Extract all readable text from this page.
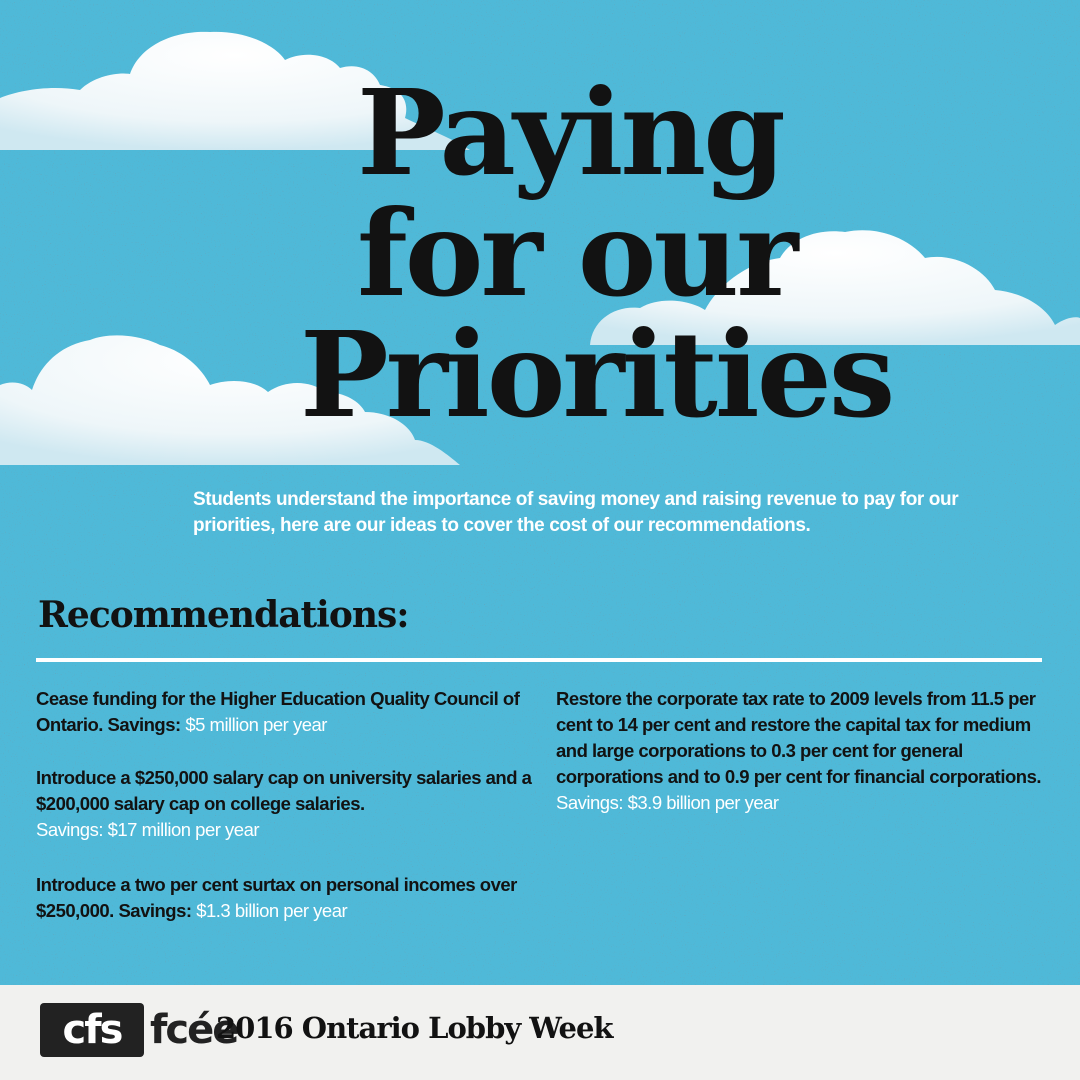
Paying
for our
Priorities

Students understand the importance of saving money and raising revenue to pay for our priorities, here are our ideas to cover the cost of our recommendations.

Recommendations:

Cease funding for the Higher Education Quality Council of Ontario. Savings: $5 million per year

Introduce a $250,000 salary cap on university salaries and a $200,000 salary cap on college salaries.
Savings: $17 million per year

Introduce a two per cent surtax on personal incomes over $250,000. Savings: $1.3 billion per year

Restore the corporate tax rate to 2009 levels from 11.5 per cent to 14 per cent and restore the capital tax for medium and large corporations to 0.3 per cent for general corporations and to 0.9 per cent for financial corporations. Savings: $3.9 billion per year

cfs fcée

2016 Ontario Lobby Week
